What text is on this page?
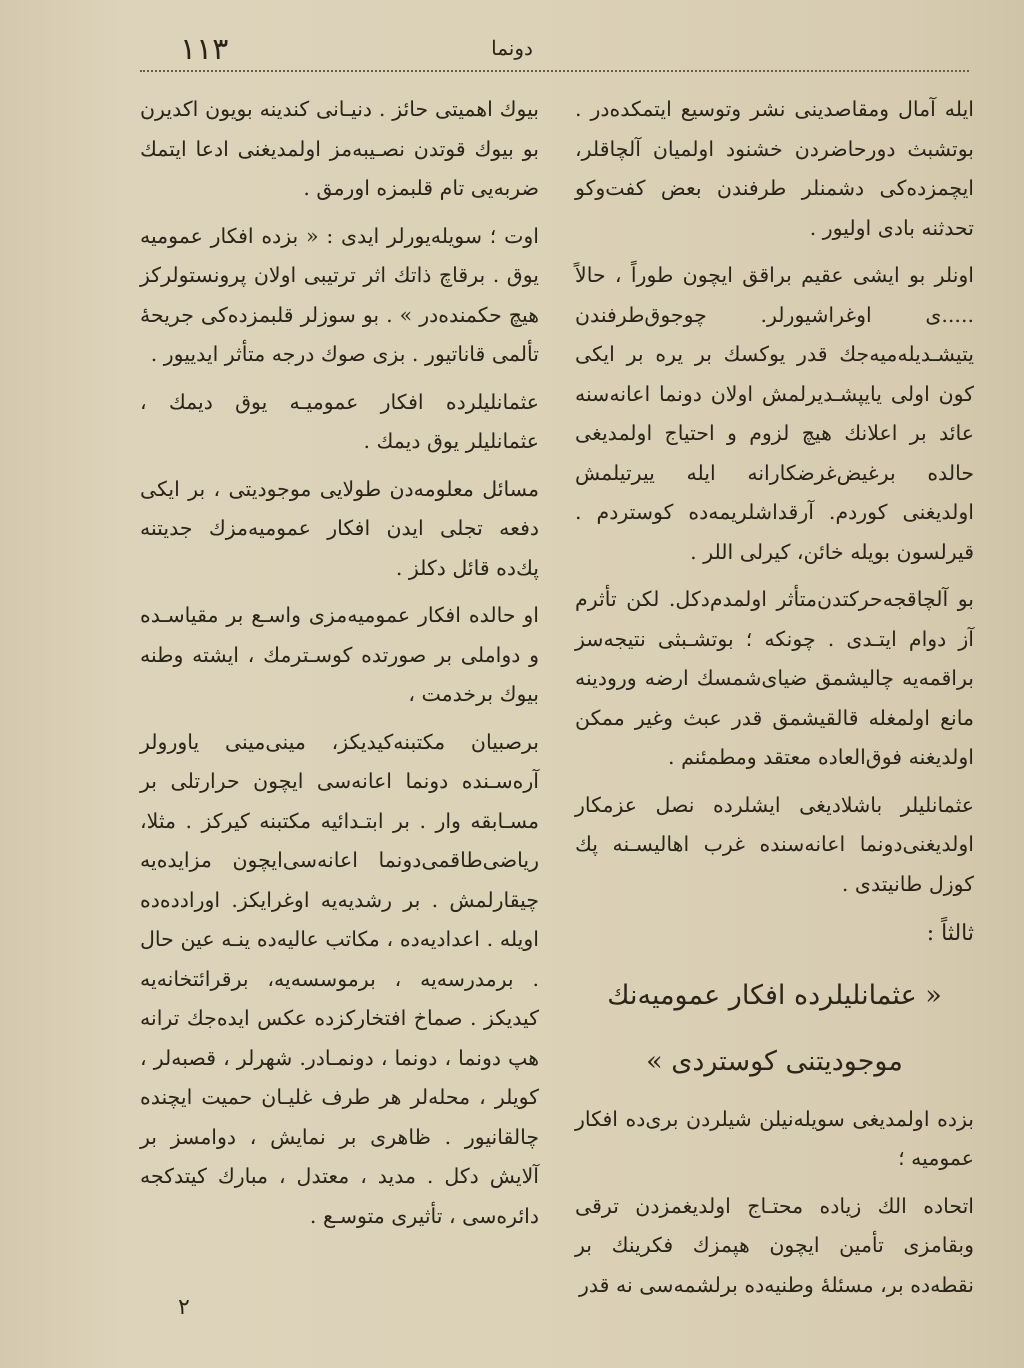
۱۱۳	دونما

ایله آمال ومقاصدینی نشر وتوسیع ایتمکده‌در . بوتشبث دورحاضردن خشنود اولمیان آلچاقلر، ایچمزده‌کی دشمنلر طرفندن بعض کفت‌وکو تحدثنه بادی اولیور .

اونلر بو ایشی عقیم براقق ایچون طوراً ، حالاً .....ی اوغراشیورلر. چوجوق‌طرفندن یتیشـدیله‌میه‌جك قدر یوکسك بر یره بر ایکی کون اولی یایپشـدیرلمش اولان دونما اعانه‌سنه عائد بر اعلانك هیچ لزوم و احتیاج اولمدیغی حالده برغیض‌غرضکارانه ایله ییرتیلمش اولدیغنی کوردم. آرقداشلریمه‌ده کوستردم . قیرلسون بویله خائن، کیرلی اللر .

بو آلچاقجه‌حرکتدن‌متأثر اولمدم‌دکل. لکن تأثرم آز دوام ایتـدی . چونکه ؛ بوتشـبثی نتیجه‌سز براقمه‌یه چالیشمق ضیای‌شمسك ارضه ورودینه مانع اولمغله قالقیشمق قدر عبث وغیر ممکن اولدیغنه فوق‌العاده معتقد ومطمئنم .

عثمانلیلر باشلادیغی ایشلرده نصل عزمکار اولدیغنی‌دونما اعانه‌سنده غرب اهالیسـنه پك کوزل طانیتدی .

ثالثاً :
« عثمانلیلرده افکار عمومیه‌نك
موجودیتنی کوستردی »

بزده اولمدیغی سویله‌نیلن شیلردن بری‌ده افکار عمومیه ؛

اتحاده الك زیاده محتـاج اولدیغمزدن ترقی وبقامزی تأمین ایچون هپمزك فکرینك بر نقطه‌ده بر، مسئلهٔ وطنیه‌ده برلشمه‌سی نه قدر

بیوك اهمیتی حائز . دنیـانی کندینه بویون اکدیرن بو بیوك قوتدن نصـیبه‌مز اولمدیغنی ادعا ایتمك ضربه‌یی تام قلبمزه اورمق .

اوت ؛ سویله‌یورلر ایدی : « بزده افکار عمومیه یوق . برقاچ ذاتك اثر ترتیبی اولان پرونستولرکز هیچ حکمنده‌در » . بو سوزلر قلبمزده‌کی جریحهٔ تألمی قاناتیور . بزی صوك درجه متأثر ایدییور .

عثمانلیلرده افکار عمومیـه یوق دیمك ، عثمانلیلر یوق دیمك .

مسائل معلومه‌دن طولایی موجودیتی ، بر ایکی دفعه تجلی ایدن افکار عمومیه‌مزك جدیتنه پك‌ده قائل دکلز .

او حالده افکار عمومیه‌مزی واسـع بر مقیاسـده و دواملی بر صورتده کوسـترمك ، ایشته وطنه بیوك برخدمت ،

برصبیان مکتبنه‌کیدیکز، مینی‌مینی یاورولر آره‌سـنده دونما اعانه‌سی ایچون حرارتلی بر مسـابقه وار . بر ابتـدائیه مکتبنه کیرکز . مثلا، ریاضی‌طاقمی‌دونما اعانه‌سی‌ایچون مزایده‌یه چیقارلمش . بر رشدیه‌یه اوغرایکز. اورادده‌ده اویله . اعدادیه‌ده ، مکاتب عالیه‌ده ینـه عین حال . برمدرسه‌یه ، برموسسه‌یه، برقرائتخانه‌یه کیدیکز . صماخ افتخارکزده عکس ایده‌جك ترانه هپ دونما ، دونما ، دونمـادر. شهرلر ، قصبه‌لر ، کویلر ، محله‌لر هر طرف غلیـان حمیت ایچنده چالقانیور . ظاهری بر نمایش ، دوامسز بر آلایش دکل . مدید ، معتدل ، مبارك کیتدکجه دائره‌سی ، تأثیری متوسـع .

۲
